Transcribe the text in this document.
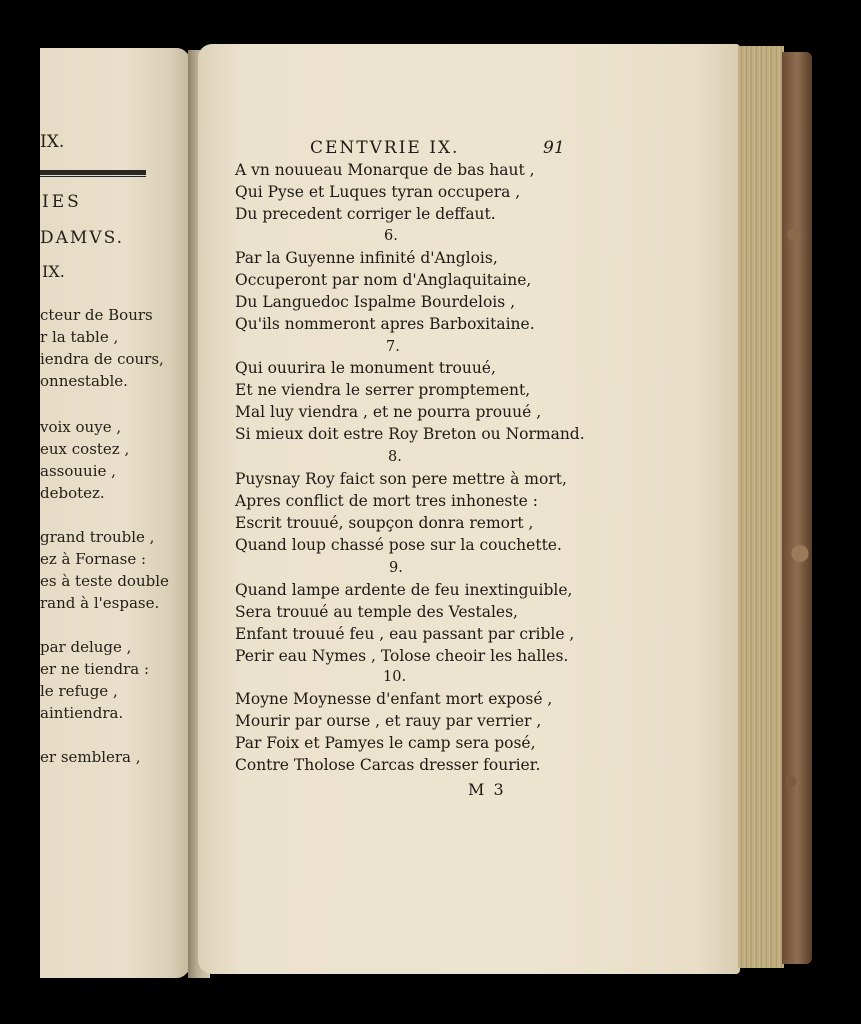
IX.
IES
DAMVS.
IX.
cteur de Bours
r la table ,
iendra de cours,
onnestable.
voix ouye ,
eux costez ,
assouuie ,
debotez.
grand trouble ,
ez à Fornase :
es à teste double
rand à l'espase.
par deluge ,
er ne tiendra :
le refuge ,
aintiendra.
er semblera ,
CENTVRIE IX.	91
A vn nouueau Monarque de bas haut ,
Qui Pyse et Luques tyran occupera ,
Du precedent corriger le deffaut.
6.
Par la Guyenne infinité d'Anglois,
Occuperont par nom d'Anglaquitaine,
Du Languedoc Ispalme Bourdelois ,
Qu'ils nommeront apres Barboxitaine.
7.
Qui ouurira le monument trouué,
Et ne viendra le serrer promptement,
Mal luy viendra , et ne pourra prouué ,
Si mieux doit estre Roy Breton ou Normand.
8.
Puysnay Roy faict son pere mettre à mort,
Apres conflict de mort tres inhoneste :
Escrit trouué, soupçon donra remort ,
Quand loup chassé pose sur la couchette.
9.
Quand lampe ardente de feu inextinguible,
Sera trouué au temple des Vestales,
Enfant trouué feu , eau passant par crible ,
Perir eau Nymes , Tolose cheoir les halles.
10.
Moyne Moynesse d'enfant mort exposé ,
Mourir par ourse , et rauy par verrier ,
Par Foix et Pamyes le camp sera posé,
Contre Tholose Carcas dresser fourier.
M 3
